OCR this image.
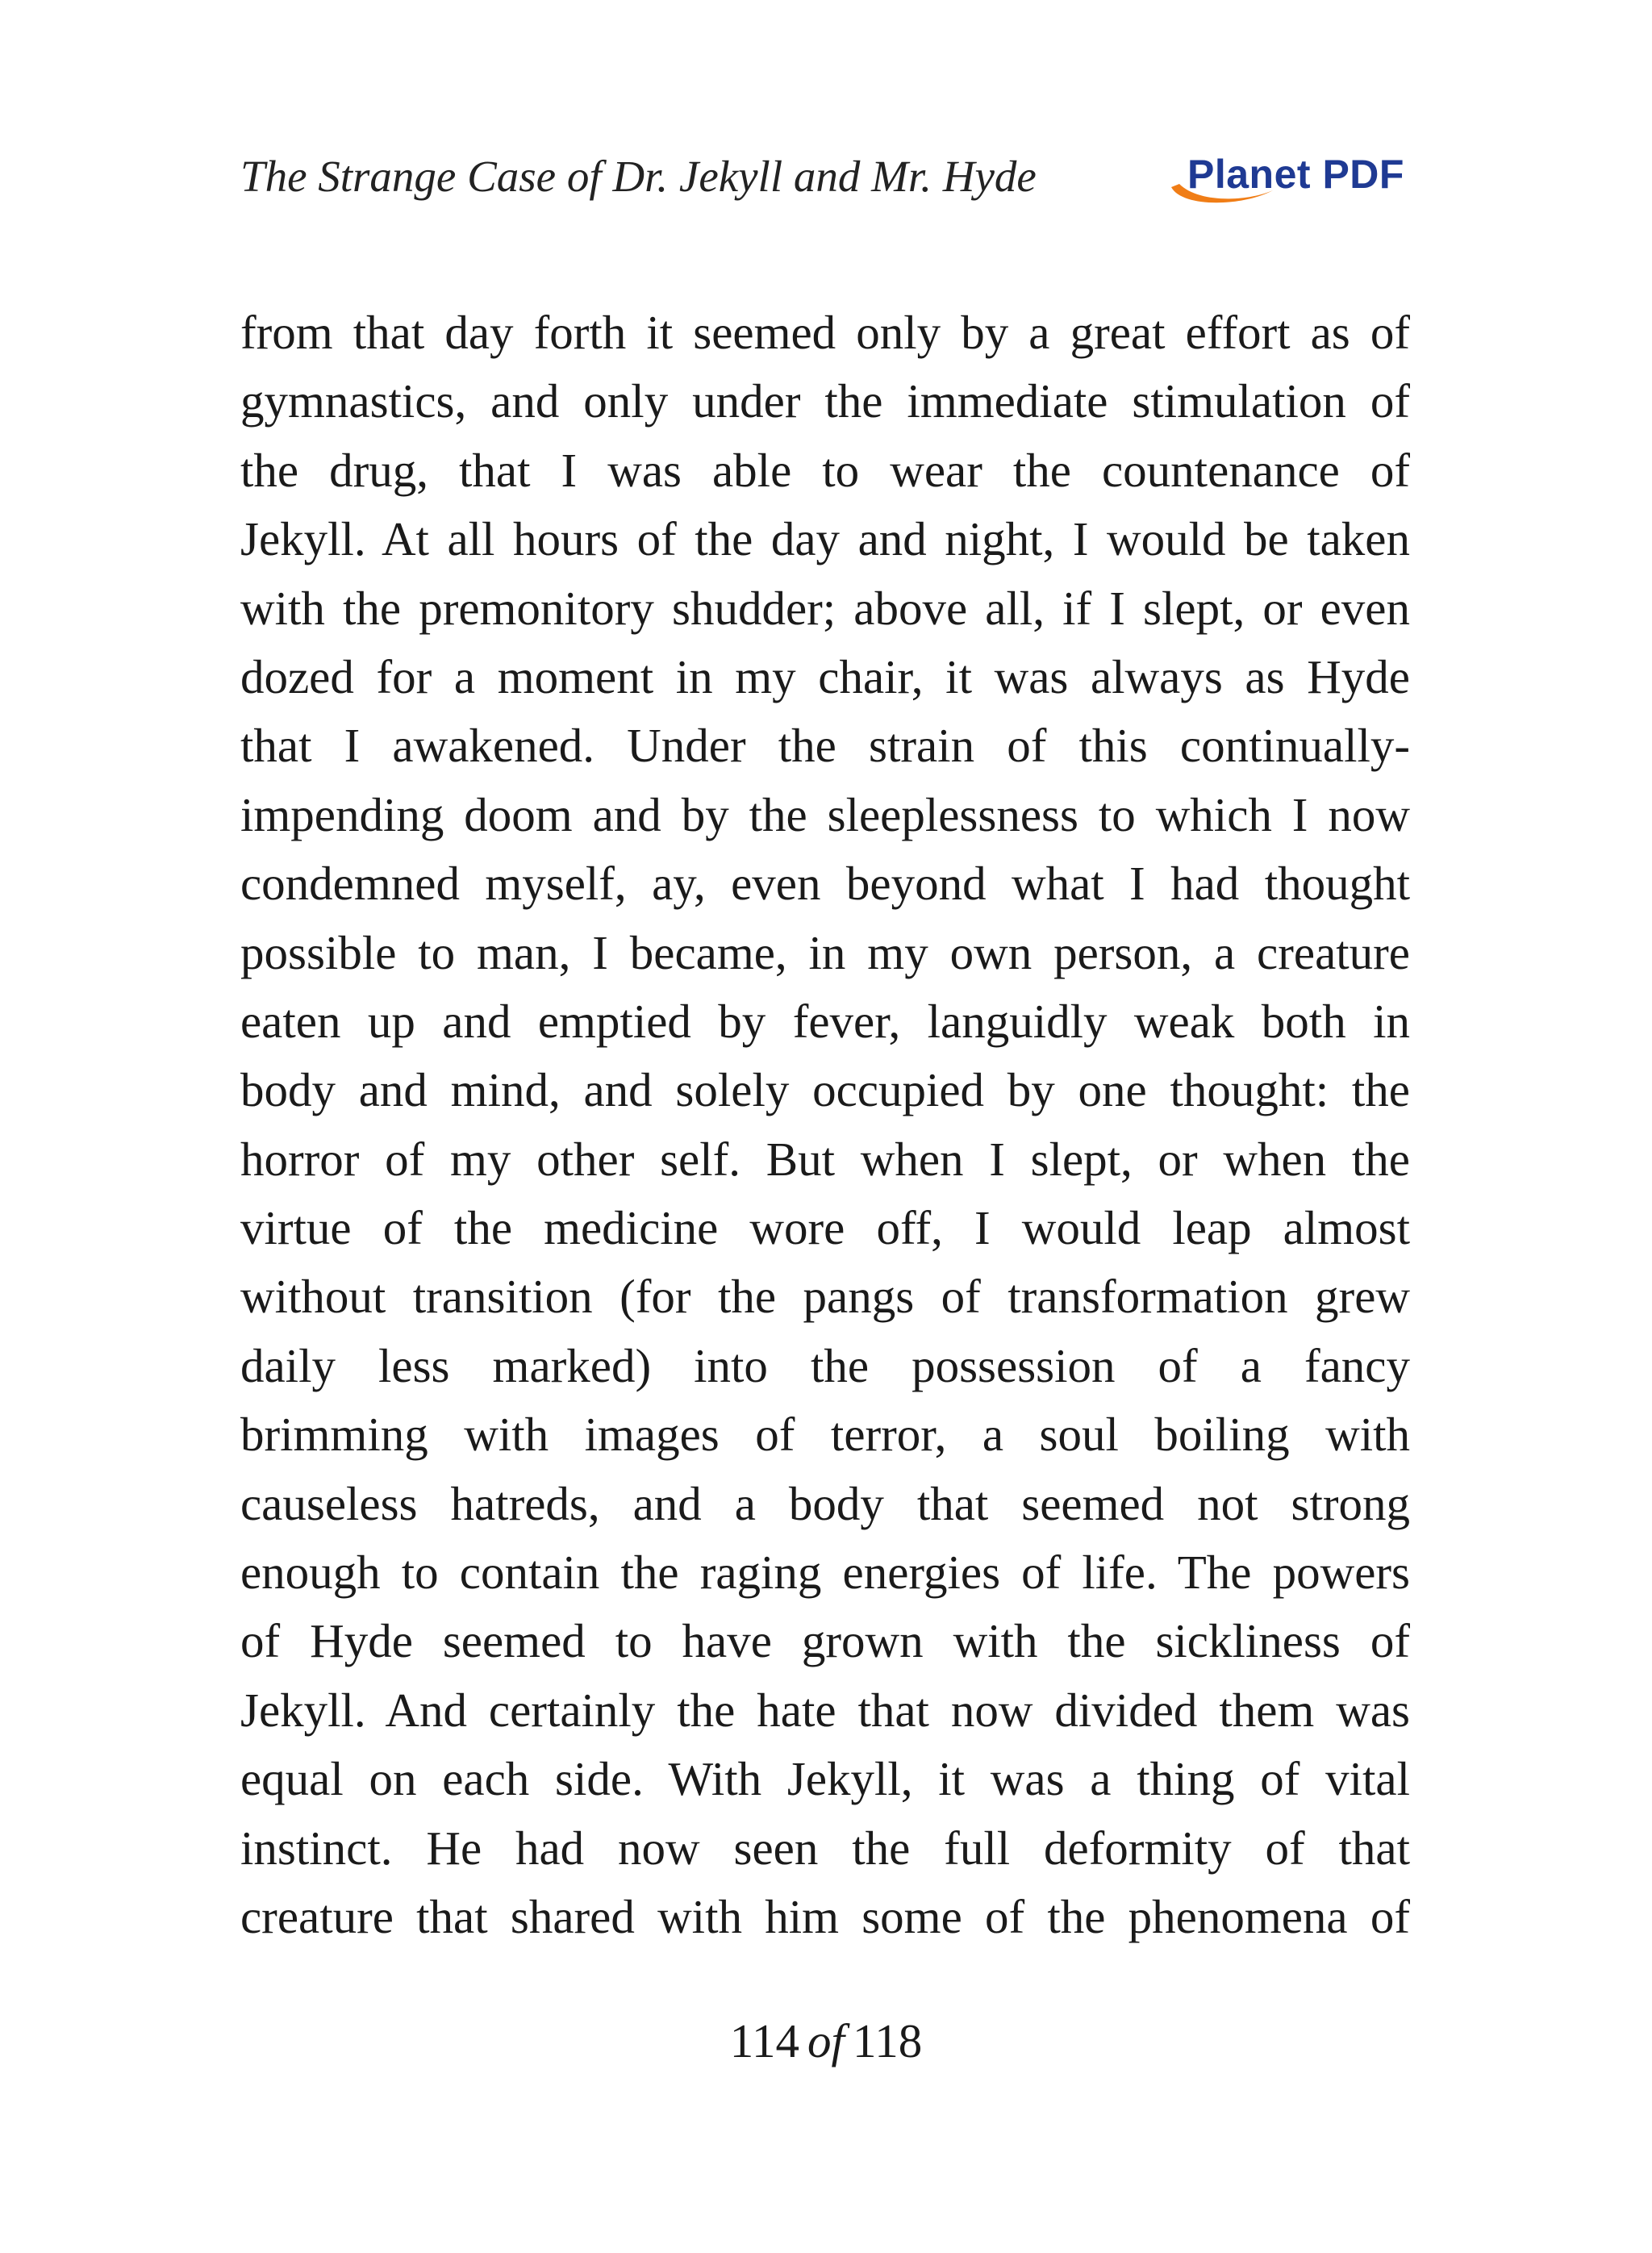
The Strange Case of Dr. Jekyll and Mr. Hyde	Planet PDF
from that day forth it seemed only by a great effort as of
gymnastics, and only under the immediate stimulation of
the drug, that I was able to wear the countenance of
Jekyll. At all hours of the day and night, I would be taken
with the premonitory shudder; above all, if I slept, or even
dozed for a moment in my chair, it was always as Hyde
that I awakened. Under the strain of this continually-
impending doom and by the sleeplessness to which I now
condemned myself, ay, even beyond what I had thought
possible to man, I became, in my own person, a creature
eaten up and emptied by fever, languidly weak both in
body and mind, and solely occupied by one thought: the
horror of my other self. But when I slept, or when the
virtue of the medicine wore off, I would leap almost
without transition (for the pangs of transformation grew
daily less marked) into the possession of a fancy
brimming with images of terror, a soul boiling with
causeless hatreds, and a body that seemed not strong
enough to contain the raging energies of life. The powers
of Hyde seemed to have grown with the sickliness of
Jekyll. And certainly the hate that now divided them was
equal on each side. With Jekyll, it was a thing of vital
instinct. He had now seen the full deformity of that
creature that shared with him some of the phenomena of
114 of 118
